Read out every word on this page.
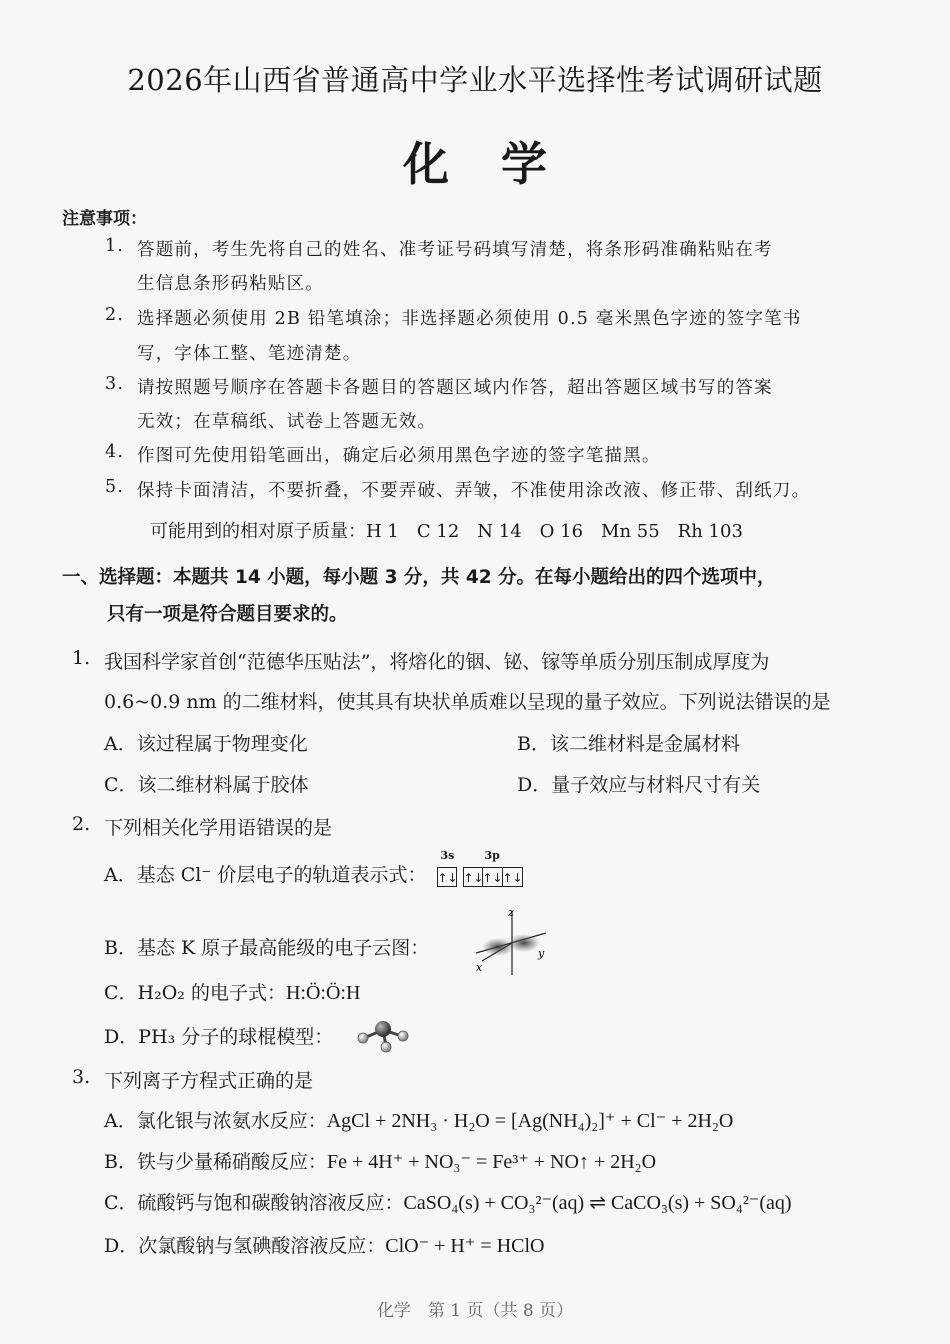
2026年山西省普通高中学业水平选择性考试调研试题
化学
注意事项：
1. 答题前，考生先将自己的姓名、准考证号码填写清楚，将条形码准确粘贴在考
生信息条形码粘贴区。
2. 选择题必须使用 2B 铅笔填涂；非选择题必须使用 0.5 毫米黑色字迹的签字笔书
写，字体工整、笔迹清楚。
3. 请按照题号顺序在答题卡各题目的答题区域内作答，超出答题区域书写的答案
无效；在草稿纸、试卷上答题无效。
4. 作图可先使用铅笔画出，确定后必须用黑色字迹的签字笔描黑。
5. 保持卡面清洁，不要折叠，不要弄破、弄皱，不准使用涂改液、修正带、刮纸刀。
可能用到的相对原子质量：H 1　C 12　N 14　O 16　Mn 55　Rh 103
一、选择题：本题共 14 小题，每小题 3 分，共 42 分。在每小题给出的四个选项中，
只有一项是符合题目要求的。
1. 我国科学家首创“范德华压贴法”，将熔化的铟、铋、镓等单质分别压制成厚度为
0.6~0.9 nm 的二维材料，使其具有块状单质难以呈现的量子效应。下列说法错误的是
A．该过程属于物理变化	B．该二维材料是金属材料
C．该二维材料属于胶体	D．量子效应与材料尺寸有关
2. 下列相关化学用语错误的是
A．基态 Cl⁻ 价层电子的轨道表示式：
3s	3p
↑↓ ↑↓↑↓↑↓
B．基态 K 原子最高能级的电子云图：
z
x
y
C．H₂O₂ 的电子式：H:Ö:Ö:H
D．PH₃ 分子的球棍模型：
3. 下列离子方程式正确的是
A．氯化银与浓氨水反应：AgCl + 2NH₃ · H₂O = [Ag(NH₄)₂]⁺ + Cl⁻ + 2H₂O
B．铁与少量稀硝酸反应：Fe + 4H⁺ + NO₃⁻ = Fe³⁺ + NO↑ + 2H₂O
C．硫酸钙与饱和碳酸钠溶液反应：CaSO₄(s) + CO₃²⁻(aq) ⇌ CaCO₃(s) + SO₄²⁻(aq)
D．次氯酸钠与氢碘酸溶液反应：ClO⁻ + H⁺ = HClO
化学　第 1 页（共 8 页）
